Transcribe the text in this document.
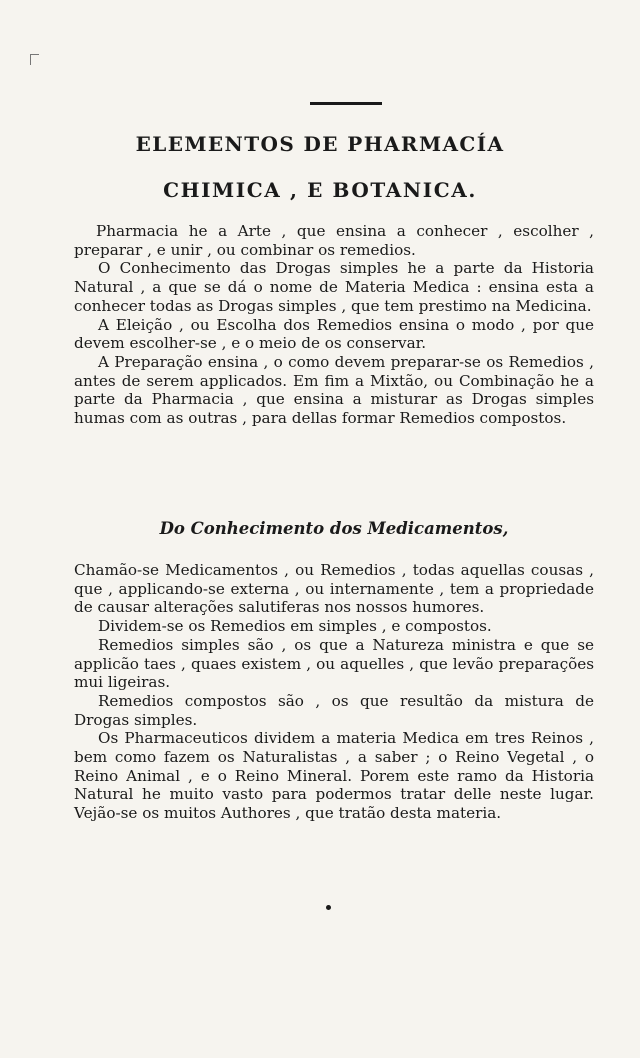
ELEMENTOS DE PHARMACÍA
CHIMICA , E BOTANICA.

Pharmacia he a Arte , que ensina a conhecer , escolher , preparar , e unir , ou combinar os remedios.

O Conhecimento das Drogas simples he a parte da Historia Natural , a que se dá o nome de Materia Medica : ensina esta a conhecer todas as Drogas simples , que tem prestimo na Medicina.

A Eleição , ou Escolha dos Remedios ensina o modo , por que devem escolher-se , e o meio de os conservar.

A Preparação ensina , o como devem preparar-se os Remedios , antes de serem applicados. Em fim a Mixtão, ou Combinação he a parte da Pharmacia , que ensina a misturar as Drogas simples humas com as outras , para dellas formar Remedios compostos.

Do Conhecimento dos Medicamentos,

Chamão-se Medicamentos , ou Remedios , todas aquellas cousas , que , applicando-se externa , ou internamente , tem a propriedade de causar alterações salutiferas nos nossos humores.

Dividem-se os Remedios em simples , e compostos.

Remedios simples são , os que a Natureza ministra e que se applicão taes , quaes existem , ou aquelles , que levão preparações mui ligeiras.

Remedios compostos são , os que resultão da mistura de Drogas simples.

Os Pharmaceuticos dividem a materia Medica em tres Reinos , bem como fazem os Naturalistas , a saber ; o Reino Vegetal , o Reino Animal , e o Reino Mineral. Porem este ramo da Historia Natural he muito vasto para podermos tratar delle neste lugar. Vejão-se os muitos Authores , que tratão desta materia.
